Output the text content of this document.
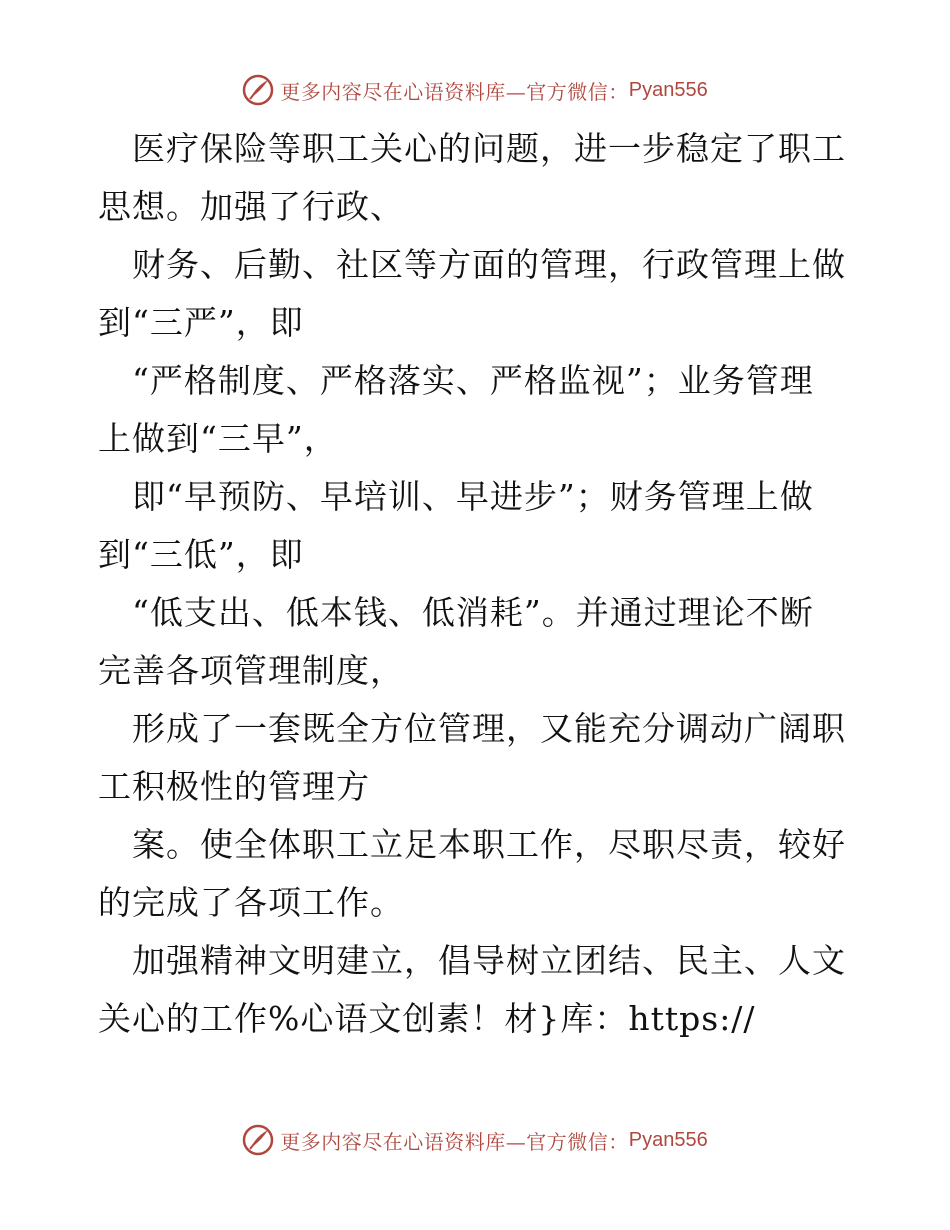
更多内容尽在心语资料库—官方微信： Pyan556

　医疗保险等职工关心的问题，进一步稳定了职工
思想。加强了行政、

　财务、后勤、社区等方面的管理，行政管理上做
到“三严”，即

　“严格制度、严格落实、严格监视”；业务管理
上做到“三早”，

　即“早预防、早培训、早进步”；财务管理上做
到“三低”，即

　“低支出、低本钱、低消耗”。并通过理论不断
完善各项管理制度，

　形成了一套既全方位管理，又能充分调动广阔职
工积极性的管理方

　案。使全体职工立足本职工作，尽职尽责，较好
的完成了各项工作。

　加强精神文明建立，倡导树立团结、民主、人文
关心的工作%心语文创素！材}库：https://

更多内容尽在心语资料库—官方微信： Pyan556
